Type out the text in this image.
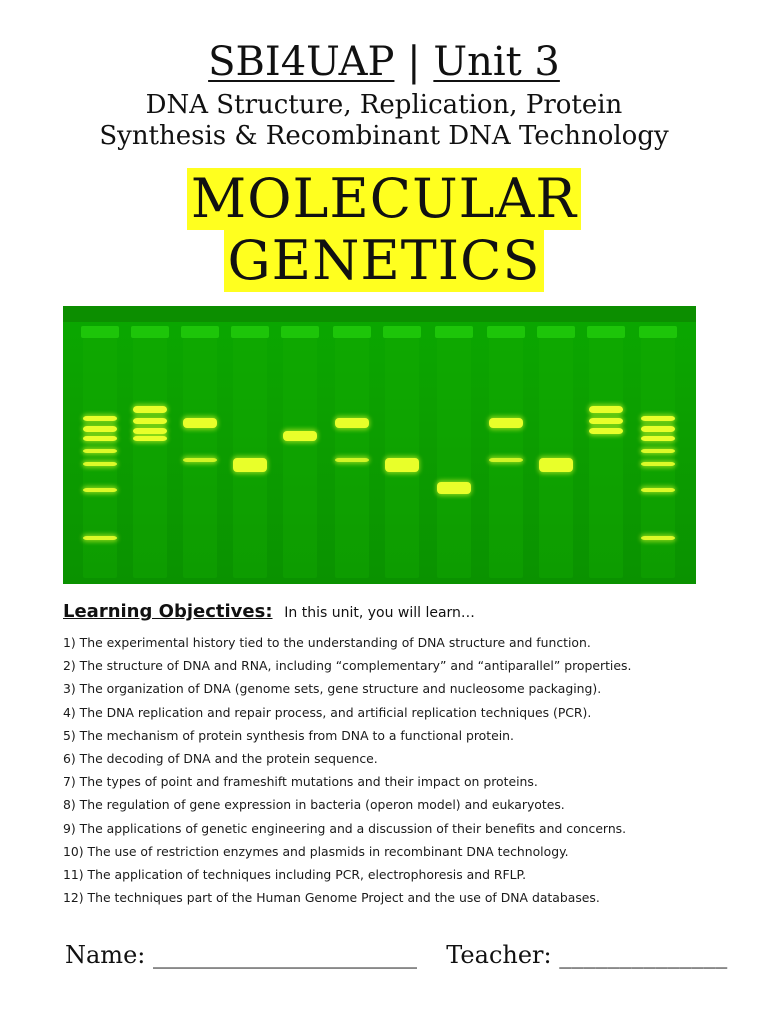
SBI4UAP | Unit 3
DNA Structure, Replication, Protein
Synthesis & Recombinant DNA Technology
MOLECULAR
GENETICS
Learning Objectives: In this unit, you will learn…
1) The experimental history tied to the understanding of DNA structure and function.
2) The structure of DNA and RNA, including “complementary” and “antiparallel” properties.
3) The organization of DNA (genome sets, gene structure and nucleosome packaging).
4) The DNA replication and repair process, and artificial replication techniques (PCR).
5) The mechanism of protein synthesis from DNA to a functional protein.
6) The decoding of DNA and the protein sequence.
7) The types of point and frameshift mutations and their impact on proteins.
8) The regulation of gene expression in bacteria (operon model) and eukaryotes.
9) The applications of genetic engineering and a discussion of their benefits and concerns.
10) The use of restriction enzymes and plasmids in recombinant DNA technology.
11) The application of techniques including PCR, electrophoresis and RFLP.
12) The techniques part of the Human Genome Project and the use of DNA databases.
Name: ______________________ Teacher: ______________
